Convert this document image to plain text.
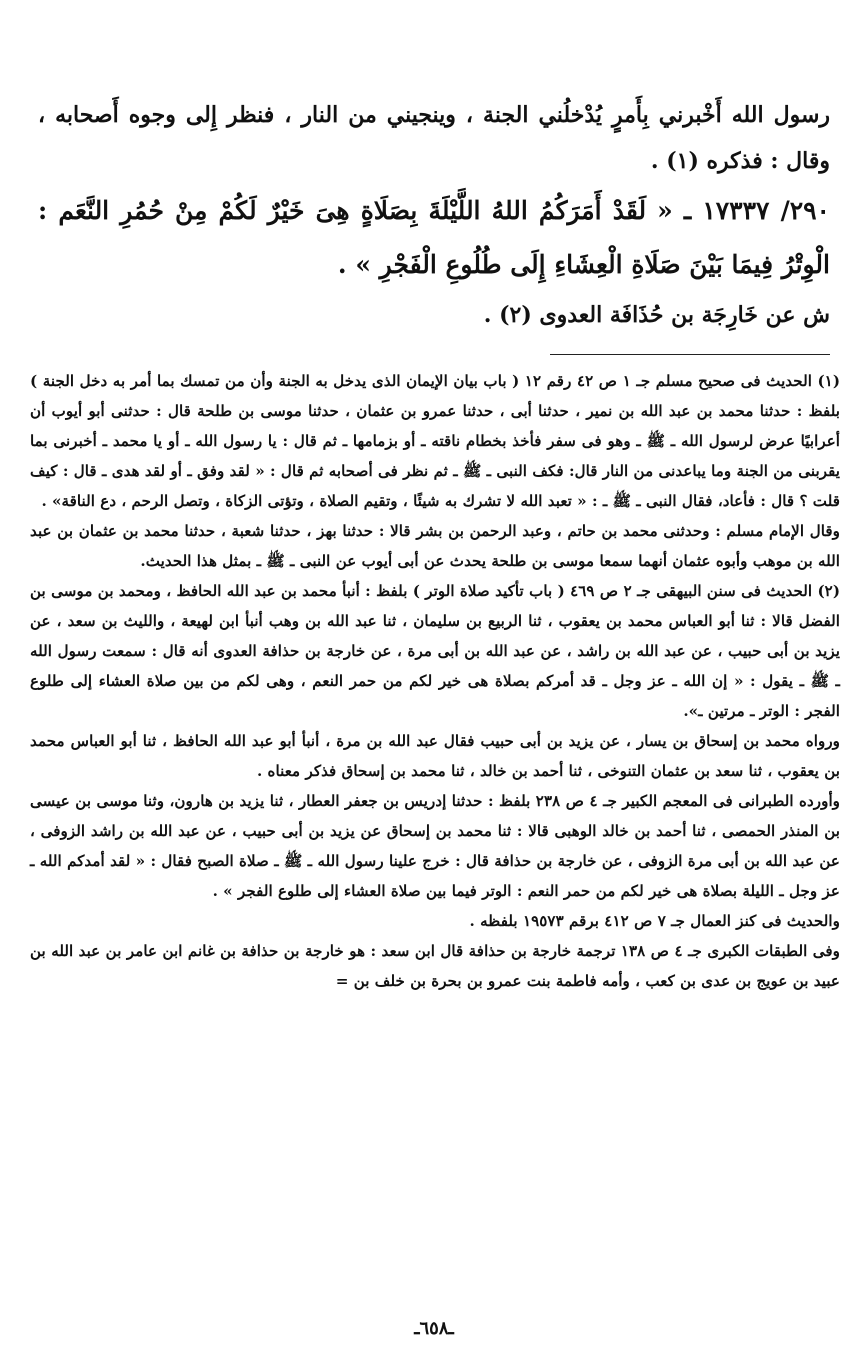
رسول الله أَخْبرني بِأَمرٍ يُدْخلُني الجنة ، وينجيني من النار ، فنظر إِلى وجوه أَصحابه ، وقال : فذكره (١) .

٢٩٠/ ١٧٣٣٧ ـ « لَقَدْ أَمَرَكُمُ اللهُ اللَّيْلَةَ بِصَلَاةٍ هِىَ خَيْرٌ لَكُمْ مِنْ حُمُرِ النَّعَم : الْوِتْرُ فِيمَا بَيْنَ صَلَاةِ الْعِشَاءِ إِلَى طُلُوعِ الْفَجْرِ » .

ش عن خَارِجَة بن حُذَافَة العدوى (٢) .

(١) الحديث فى صحيح مسلم جـ ١ ص ٤٢ رقم ١٢ ( باب بيان الإيمان الذى يدخل به الجنة وأن من تمسك بما أمر به دخل الجنة ) بلفظ : حدثنا محمد بن عبد الله بن نمير ، حدثنا أبى ، حدثنا عمرو بن عثمان ، حدثنا موسى بن طلحة قال : حدثنى أبو أيوب أن أعرابيًا عرض لرسول الله ـ ﷺ ـ وهو فى سفر فأخذ بخطام ناقته ـ أو بزمامها ـ ثم قال : يا رسول الله ـ أو يا محمد ـ أخبرنى بما يقربنى من الجنة وما يباعدنى من النار قال: فكف النبى ـ ﷺ ـ ثم نظر فى أصحابه ثم قال : « لقد وفق ـ أو لقد هدى ـ قال : كيف قلت ؟ قال : فأعاد، فقال النبى ـ ﷺ ـ : « تعبد الله لا تشرك به شيئًا ، وتقيم الصلاة ، وتؤتى الزكاة ، وتصل الرحم ، دع الناقة» .

وقال الإمام مسلم : وحدثنى محمد بن حاتم ، وعبد الرحمن بن بشر قالا : حدثنا بهز ، حدثنا شعبة ، حدثنا محمد بن عثمان بن عبد الله بن موهب وأبوه عثمان أنهما سمعا موسى بن طلحة يحدث عن أبى أيوب عن النبى ـ ﷺ ـ بمثل هذا الحديث.

(٢) الحديث فى سنن البيهقى جـ ٢ ص ٤٦٩ ( باب تأكيد صلاة الوتر ) بلفظ : أنبأ محمد بن عبد الله الحافظ ، ومحمد بن موسى بن الفضل قالا : ثنا أبو العباس محمد بن يعقوب ، ثنا الربيع بن سليمان ، ثنا عبد الله بن وهب أنبأ ابن لهيعة ، والليث بن سعد ، عن يزيد بن أبى حبيب ، عن عبد الله بن راشد ، عن عبد الله بن أبى مرة ، عن خارجة بن حذافة العدوى أنه قال : سمعت رسول الله ـ ﷺ ـ يقول : « إن الله ـ عز وجل ـ قد أمركم بصلاة هى خير لكم من حمر النعم ، وهى لكم من بين صلاة العشاء إلى طلوع الفجر : الوتر ـ مرتين ـ».

ورواه محمد بن إسحاق بن يسار ، عن يزيد بن أبى حبيب فقال عبد الله بن مرة ، أنبأ أبو عبد الله الحافظ ، ثنا أبو العباس محمد بن يعقوب ، ثنا سعد بن عثمان التنوخى ، ثنا أحمد بن خالد ، ثنا محمد بن إسحاق فذكر معناه .

وأورده الطبرانى فى المعجم الكبير جـ ٤ ص ٢٣٨ بلفظ : حدثنا إدريس بن جعفر العطار ، ثنا يزيد بن هارون، وثنا موسى بن عيسى بن المنذر الحمصى ، ثنا أحمد بن خالد الوهبى قالا : ثنا محمد بن إسحاق عن يزيد بن أبى حبيب ، عن عبد الله بن راشد الزوفى ، عن عبد الله بن أبى مرة الزوفى ، عن خارجة بن حذافة قال : خرج علينا رسول الله ـ ﷺ ـ صلاة الصبح فقال : « لقد أمدكم الله ـ عز وجل ـ الليلة بصلاة هى خير لكم من حمر النعم : الوتر فيما بين صلاة العشاء إلى طلوع الفجر » .

والحديث فى كنز العمال جـ ٧ ص ٤١٢ برقم ١٩٥٧٣ بلفظه .

وفى الطبقات الكبرى جـ ٤ ص ١٣٨ ترجمة خارجة بن حذافة قال ابن سعد : هو خارجة بن حذافة بن غانم ابن عامر بن عبد الله بن عبيد بن عويج بن عدى بن كعب ، وأمه فاطمة بنت عمرو بن بحرة بن خلف بن =

ـ٦٥٨ـ
